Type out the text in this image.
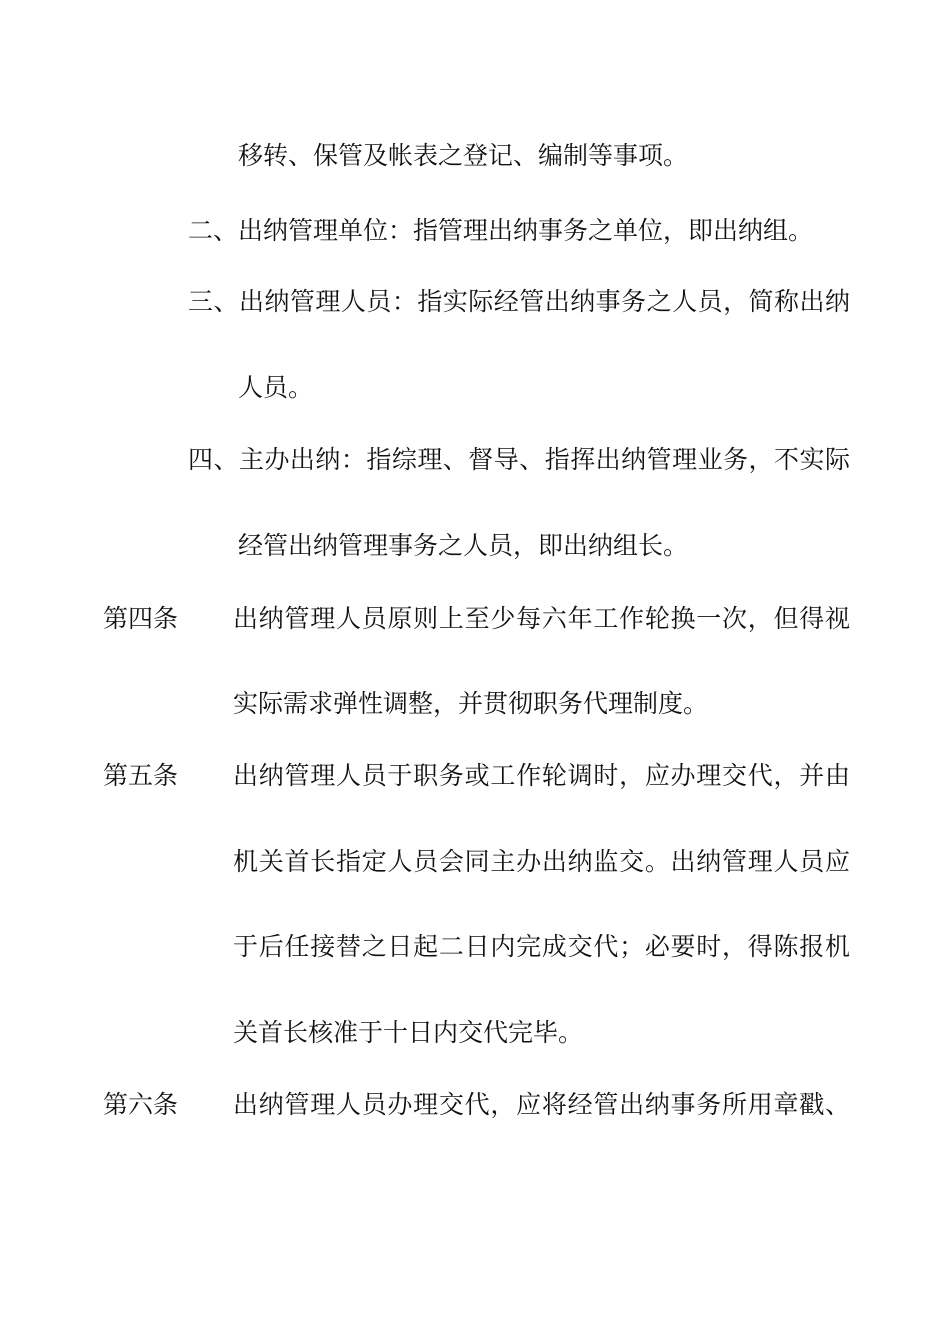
移转、保管及帐表之登记、编制等事项。
二、出纳管理单位：指管理出纳事务之单位，即出纳组。
三、出纳管理人员：指实际经管出纳事务之人员，简称出纳
人员。
四、主办出纳：指综理、督导、指挥出纳管理业务，不实际
经管出纳管理事务之人员，即出纳组长。
第四条 出纳管理人员原则上至少每六年工作轮换一次，但得视
实际需求弹性调整，并贯彻职务代理制度。
第五条 出纳管理人员于职务或工作轮调时，应办理交代，并由
机关首长指定人员会同主办出纳监交。出纳管理人员应
于后任接替之日起二日内完成交代；必要时，得陈报机
关首长核准于十日内交代完毕。
第六条 出纳管理人员办理交代，应将经管出纳事务所用章戳、
